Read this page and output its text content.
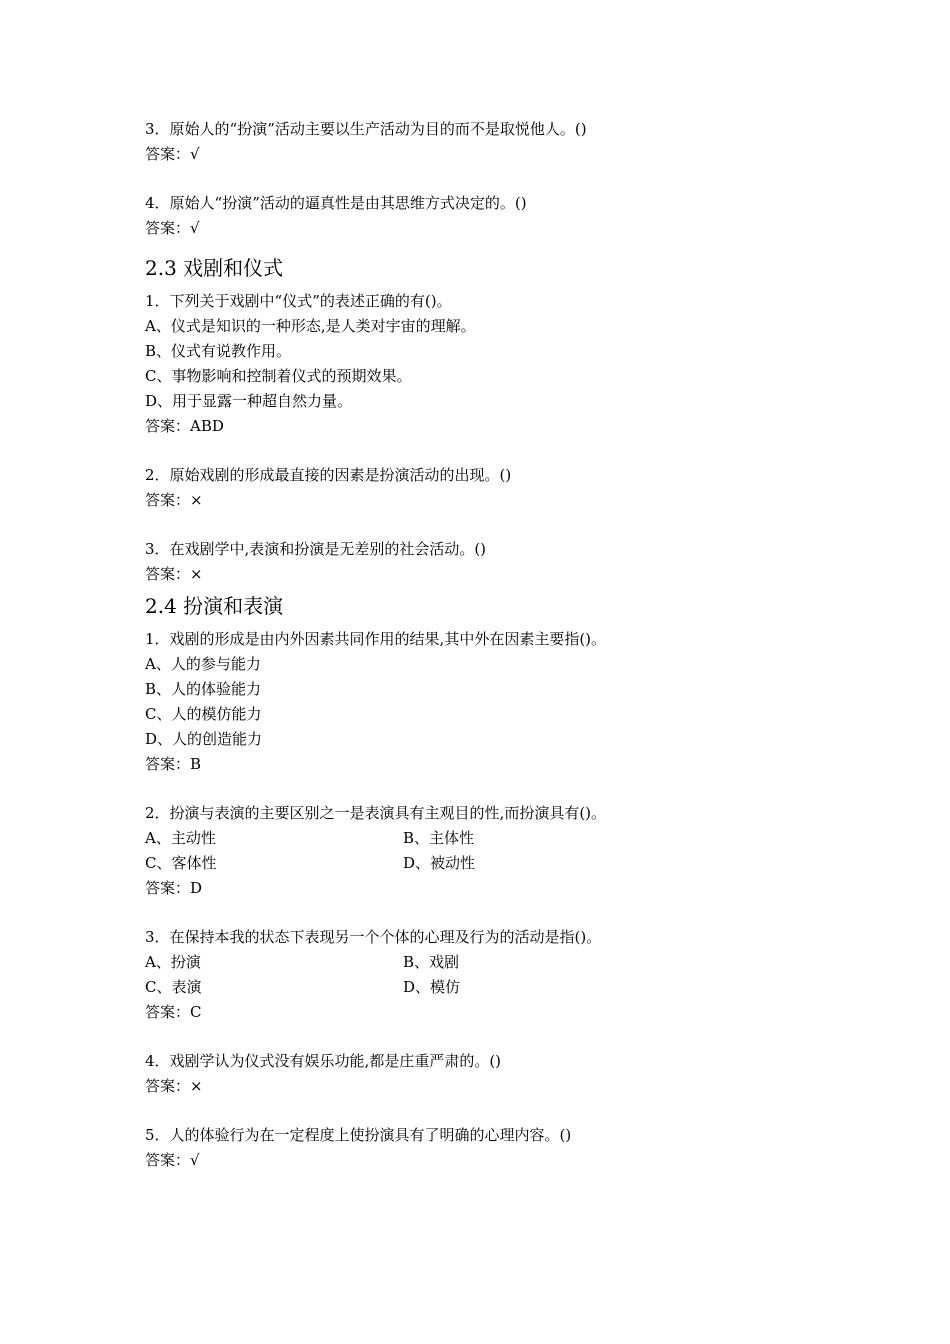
3．原始人的“扮演”活动主要以生产活动为目的而不是取悦他人。()
答案：√
4．原始人“扮演”活动的逼真性是由其思维方式决定的。()
答案：√
2.3 戏剧和仪式
1．下列关于戏剧中“仪式”的表述正确的有()。
A、仪式是知识的一种形态,是人类对宇宙的理解。
B、仪式有说教作用。
C、事物影响和控制着仪式的预期效果。
D、用于显露一种超自然力量。
答案：ABD
2．原始戏剧的形成最直接的因素是扮演活动的出现。()
答案：×
3．在戏剧学中,表演和扮演是无差别的社会活动。()
答案：×
2.4 扮演和表演
1．戏剧的形成是由内外因素共同作用的结果,其中外在因素主要指()。
A、人的参与能力
B、人的体验能力
C、人的模仿能力
D、人的创造能力
答案：B
2．扮演与表演的主要区别之一是表演具有主观目的性,而扮演具有()。
A、主动性	B、主体性
C、客体性	D、被动性
答案：D
3．在保持本我的状态下表现另一个个体的心理及行为的活动是指()。
A、扮演	B、戏剧
C、表演	D、模仿
答案：C
4．戏剧学认为仪式没有娱乐功能,都是庄重严肃的。()
答案：×
5．人的体验行为在一定程度上使扮演具有了明确的心理内容。()
答案：√
